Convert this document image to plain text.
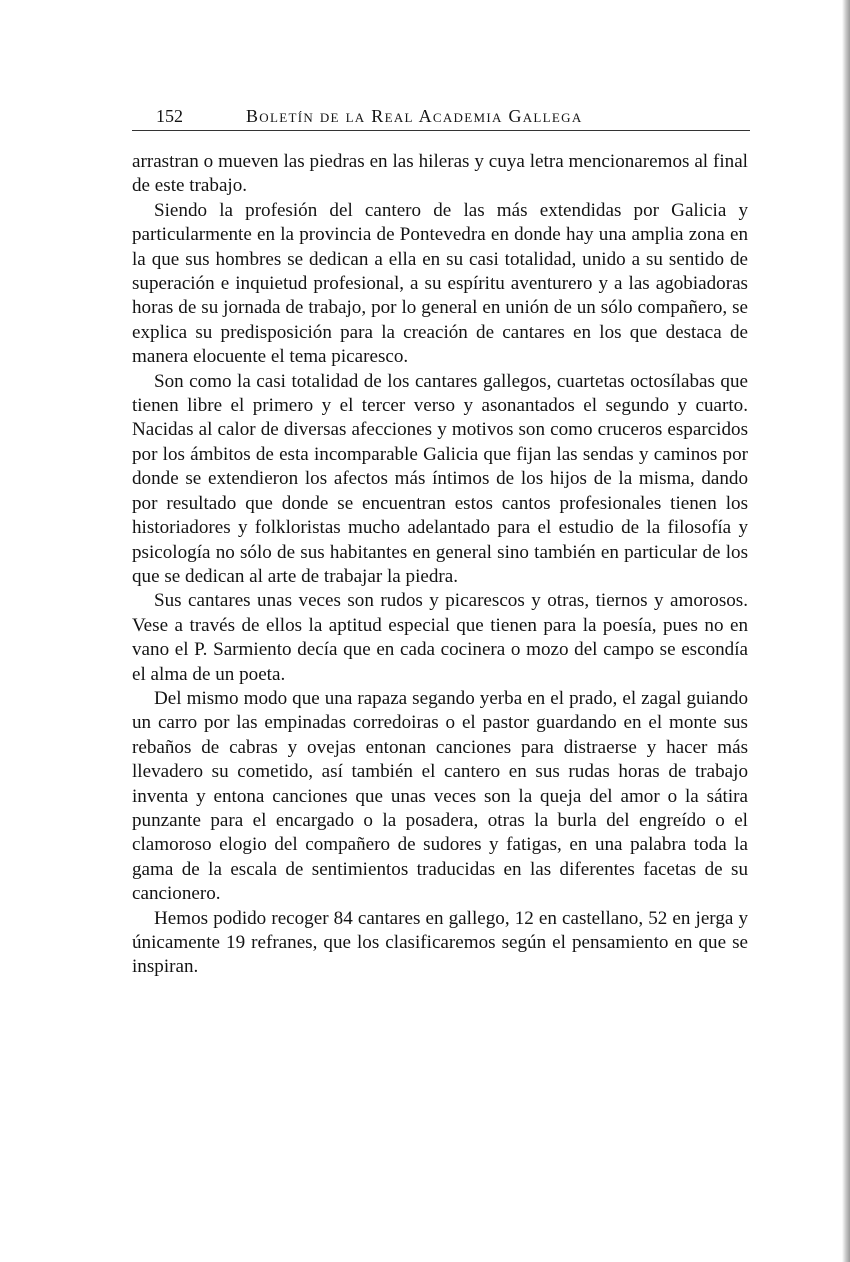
152	Boletín de la Real Academia Gallega

arrastran o mueven las piedras en las hileras y cuya letra mencionaremos al final de este trabajo.

Siendo la profesión del cantero de las más extendidas por Galicia y particularmente en la provincia de Pontevedra en donde hay una amplia zona en la que sus hombres se dedican a ella en su casi totalidad, unido a su sentido de superación e inquietud profesional, a su espíritu aventurero y a las agobiadoras horas de su jornada de trabajo, por lo general en unión de un sólo compañero, se explica su predisposición para la creación de cantares en los que destaca de manera elocuente el tema picaresco.

Son como la casi totalidad de los cantares gallegos, cuartetas octosílabas que tienen libre el primero y el tercer verso y asonantados el segundo y cuarto. Nacidas al calor de diversas afecciones y motivos son como cruceros esparcidos por los ámbitos de esta incomparable Galicia que fijan las sendas y caminos por donde se extendieron los afectos más íntimos de los hijos de la misma, dando por resultado que donde se encuentran estos cantos profesionales tienen los historiadores y folkloristas mucho adelantado para el estudio de la filosofía y psicología no sólo de sus habitantes en general sino también en particular de los que se dedican al arte de trabajar la piedra.

Sus cantares unas veces son rudos y picarescos y otras, tiernos y amorosos. Vese a través de ellos la aptitud especial que tienen para la poesía, pues no en vano el P. Sarmiento decía que en cada cocinera o mozo del campo se escondía el alma de un poeta.

Del mismo modo que una rapaza segando yerba en el prado, el zagal guiando un carro por las empinadas corredoiras o el pastor guardando en el monte sus rebaños de cabras y ovejas entonan canciones para distraerse y hacer más llevadero su cometido, así también el cantero en sus rudas horas de trabajo inventa y entona canciones que unas veces son la queja del amor o la sátira punzante para el encargado o la posadera, otras la burla del engreído o el clamoroso elogio del compañero de sudores y fatigas, en una palabra toda la gama de la escala de sentimientos traducidas en las diferentes facetas de su cancionero.

Hemos podido recoger 84 cantares en gallego, 12 en castellano, 52 en jerga y únicamente 19 refranes, que los clasificaremos según el pensamiento en que se inspiran.
